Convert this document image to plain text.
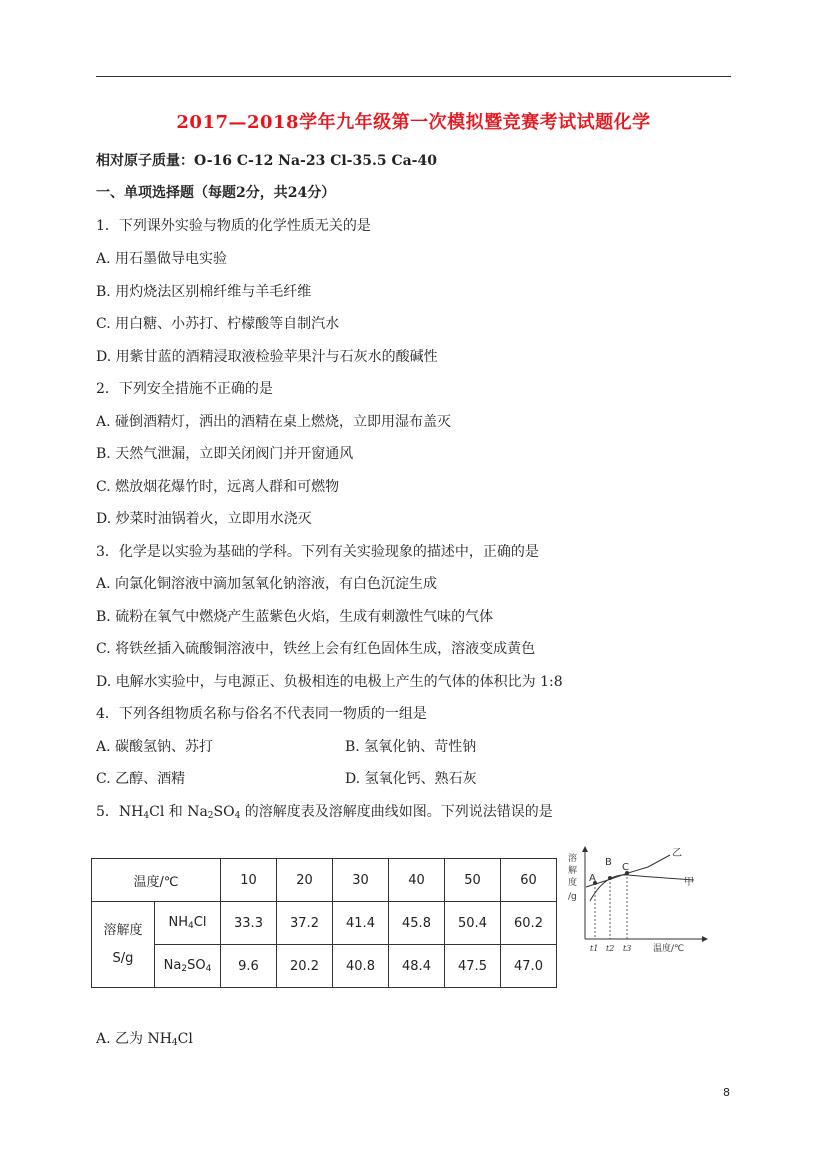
2017—2018学年九年级第一次模拟暨竞赛考试试题化学
相对原子质量：O-16 C-12 Na-23 Cl-35.5 Ca-40
一、单项选择题（每题2分，共24分）
1．下列课外实验与物质的化学性质无关的是
A. 用石墨做导电实验
B. 用灼烧法区别棉纤维与羊毛纤维
C. 用白糖、小苏打、柠檬酸等自制汽水
D. 用紫甘蓝的酒精浸取液检验苹果汁与石灰水的酸碱性
2．下列安全措施不正确的是
A. 碰倒酒精灯，洒出的酒精在桌上燃烧，立即用湿布盖灭
B. 天然气泄漏，立即关闭阀门并开窗通风
C. 燃放烟花爆竹时，远离人群和可燃物
D. 炒菜时油锅着火，立即用水浇灭
3．化学是以实验为基础的学科。下列有关实验现象的描述中，正确的是
A. 向氯化铜溶液中滴加氢氧化钠溶液，有白色沉淀生成
B. 硫粉在氧气中燃烧产生蓝紫色火焰，生成有刺激性气味的气体
C. 将铁丝插入硫酸铜溶液中，铁丝上会有红色固体生成，溶液变成黄色
D. 电解水实验中，与电源正、负极相连的电极上产生的气体的体积比为 1:8
4．下列各组物质名称与俗名不代表同一物质的一组是
A. 碳酸氢钠、苏打	B. 氢氧化钠、苛性钠
C. 乙醇、酒精	D. 氢氧化钙、熟石灰
5．$NH_4Cl$ 和 $Na_2SO_4$ 的溶解度表及溶解度曲线如图。下列说法错误的是
温度/℃		10	20	30	40	50	60
溶解度
S/g	$NH_4Cl$	33.3	37.2	41.4	45.8	50.4	60.2
	$Na_2SO_4$	9.6	20.2	40.8	48.4	47.5	47.0
溶
解
度
/g
A
B C
乙
甲
t1 t2 t3 温度/℃
A. 乙为 $NH_4Cl$
8
